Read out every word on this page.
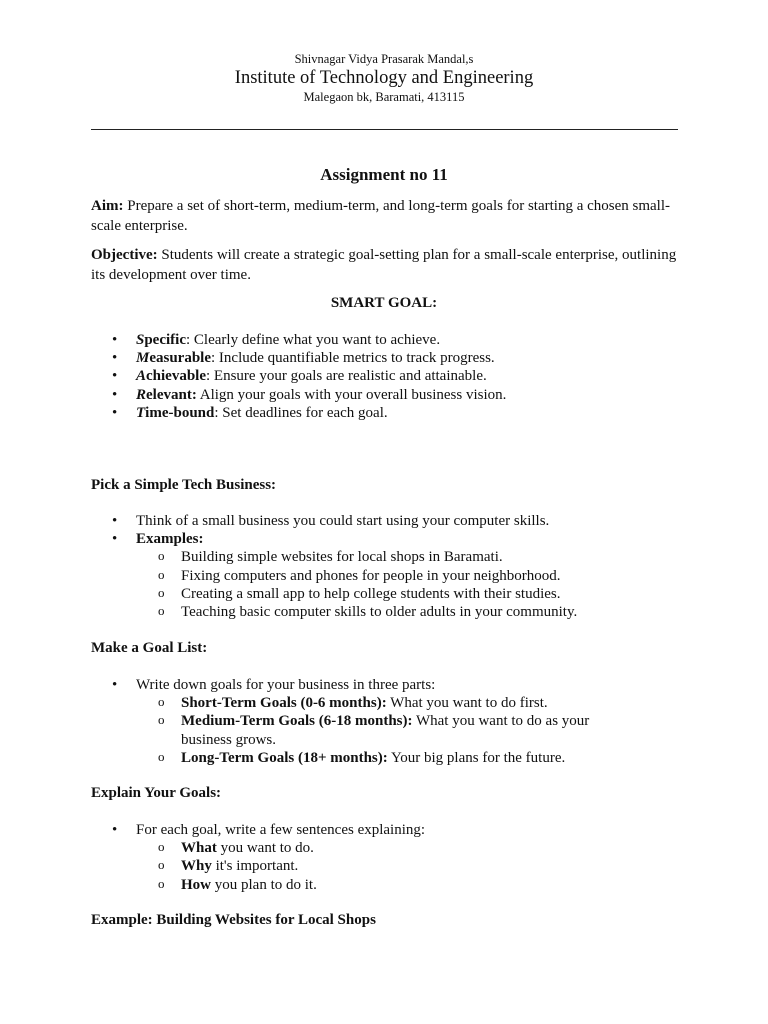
Shivnagar Vidya Prasarak Mandal,s
Institute of Technology and Engineering
Malegaon bk, Baramati, 413115
Assignment no 11
Aim: Prepare a set of short-term, medium-term, and long-term goals for starting a chosen small-scale enterprise.
Objective: Students will create a strategic goal-setting plan for a small-scale enterprise, outlining its development over time.
SMART GOAL:
• Specific: Clearly define what you want to achieve.
• Measurable: Include quantifiable metrics to track progress.
• Achievable: Ensure your goals are realistic and attainable.
• Relevant: Align your goals with your overall business vision.
• Time-bound: Set deadlines for each goal.
Pick a Simple Tech Business:
• Think of a small business you could start using your computer skills.
• Examples:
o Building simple websites for local shops in Baramati.
o Fixing computers and phones for people in your neighborhood.
o Creating a small app to help college students with their studies.
o Teaching basic computer skills to older adults in your community.
Make a Goal List:
• Write down goals for your business in three parts:
o Short-Term Goals (0-6 months): What you want to do first.
o Medium-Term Goals (6-18 months): What you want to do as your business grows.
o Long-Term Goals (18+ months): Your big plans for the future.
Explain Your Goals:
• For each goal, write a few sentences explaining:
o What you want to do.
o Why it's important.
o How you plan to do it.
Example: Building Websites for Local Shops
